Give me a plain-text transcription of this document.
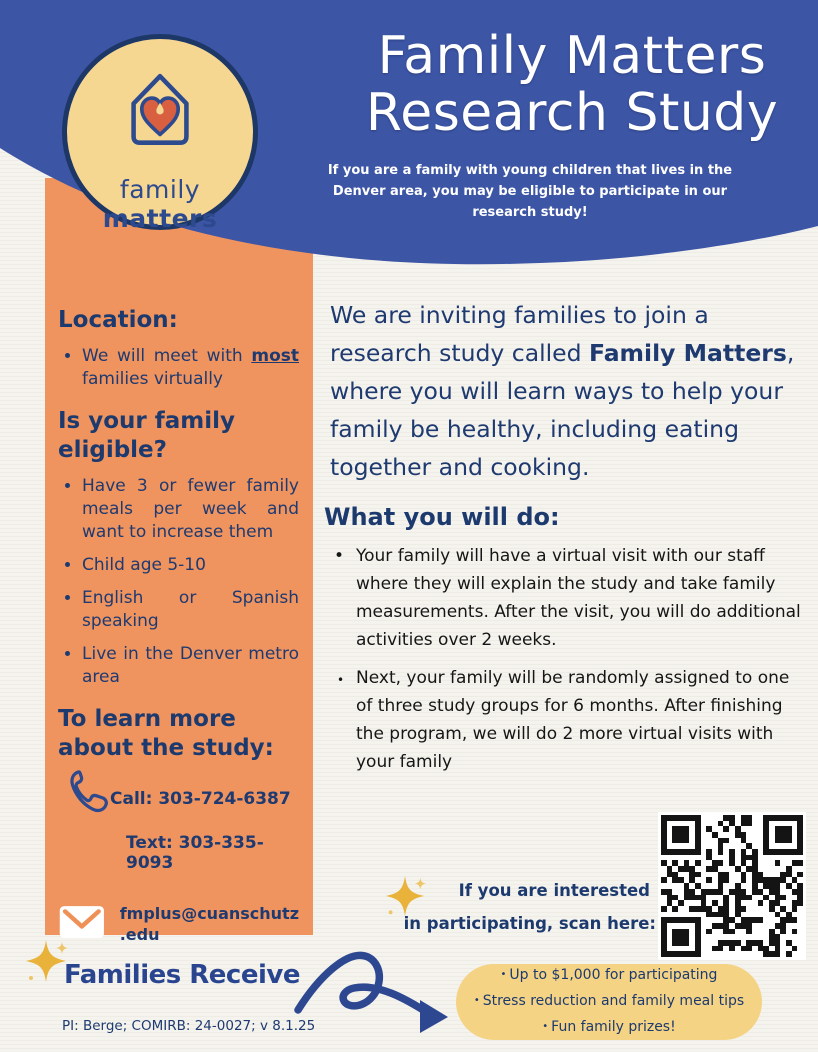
Family Matters
Research Study
If you are a family with young children that lives in the Denver area, you may be eligible to participate in our research study!
family matters
Location:
• We will meet with most families virtually
Is your family eligible?
• Have 3 or fewer family meals per week and want to increase them
• Child age 5-10
• English or Spanish speaking
• Live in the Denver metro area
To learn more about the study:

Call: 303-724-6387

Text: 303-335-9093

fmplus@cuanschutz
.edu

We are inviting families to join a research study called Family Matters, where you will learn ways to help your family be healthy, including eating together and cooking.

What you will do:
• Your family will have a virtual visit with our staff where they will explain the study and take family measurements. After the visit, you will do additional activities over 2 weeks.
• Next, your family will be randomly assigned to one of three study groups for 6 months. After finishing the program, we will do 2 more virtual visits with your family
If you are interested
in participating, scan here:
Families Receive
PI: Berge; COMIRB: 24-0027; v 8.1.25
• Up to $1,000 for participating
• Stress reduction and family meal tips
• Fun family prizes!
